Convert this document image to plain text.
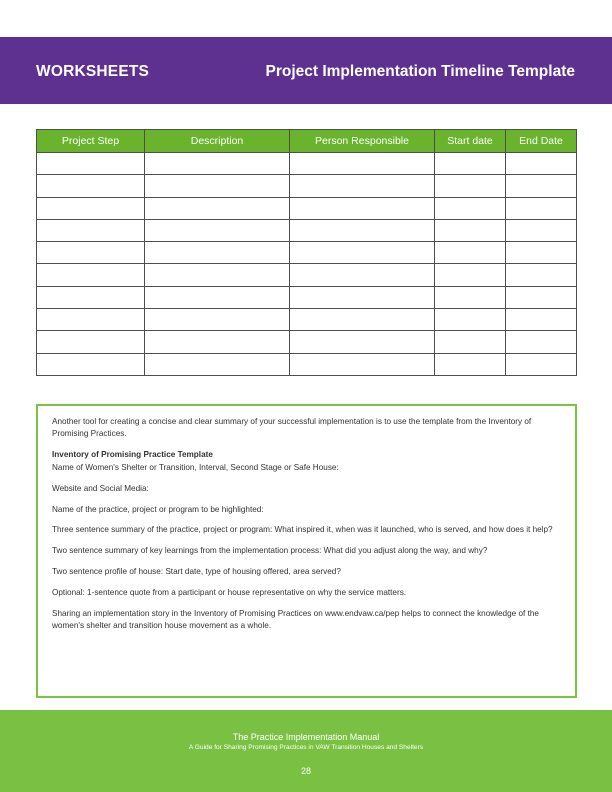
WORKSHEETS	Project Implementation Timeline Template
Project Step	Description	Person Responsible	Start date	End Date

Another tool for creating a concise and clear summary of your successful implementation is to use the template from the Inventory of Promising Practices.

Inventory of Promising Practice Template

Name of Women's Shelter or Transition, Interval, Second Stage or Safe House:

Website and Social Media:

Name of the practice, project or program to be highlighted:

Three sentence summary of the practice, project or program: What inspired it, when was it launched, who is served, and how does it help?

Two sentence summary of key learnings from the implementation process: What did you adjust along the way, and why?

Two sentence profile of house: Start date, type of housing offered, area served?

Optional: 1-sentence quote from a participant or house representative on why the service matters.

Sharing an implementation story in the Inventory of Promising Practices on www.endvaw.ca/pep helps to connect the knowledge of the women's shelter and transition house movement as a whole.

The Practice Implementation Manual
A Guide for Sharing Promising Practices in VAW Transition Houses and Shelters
28
